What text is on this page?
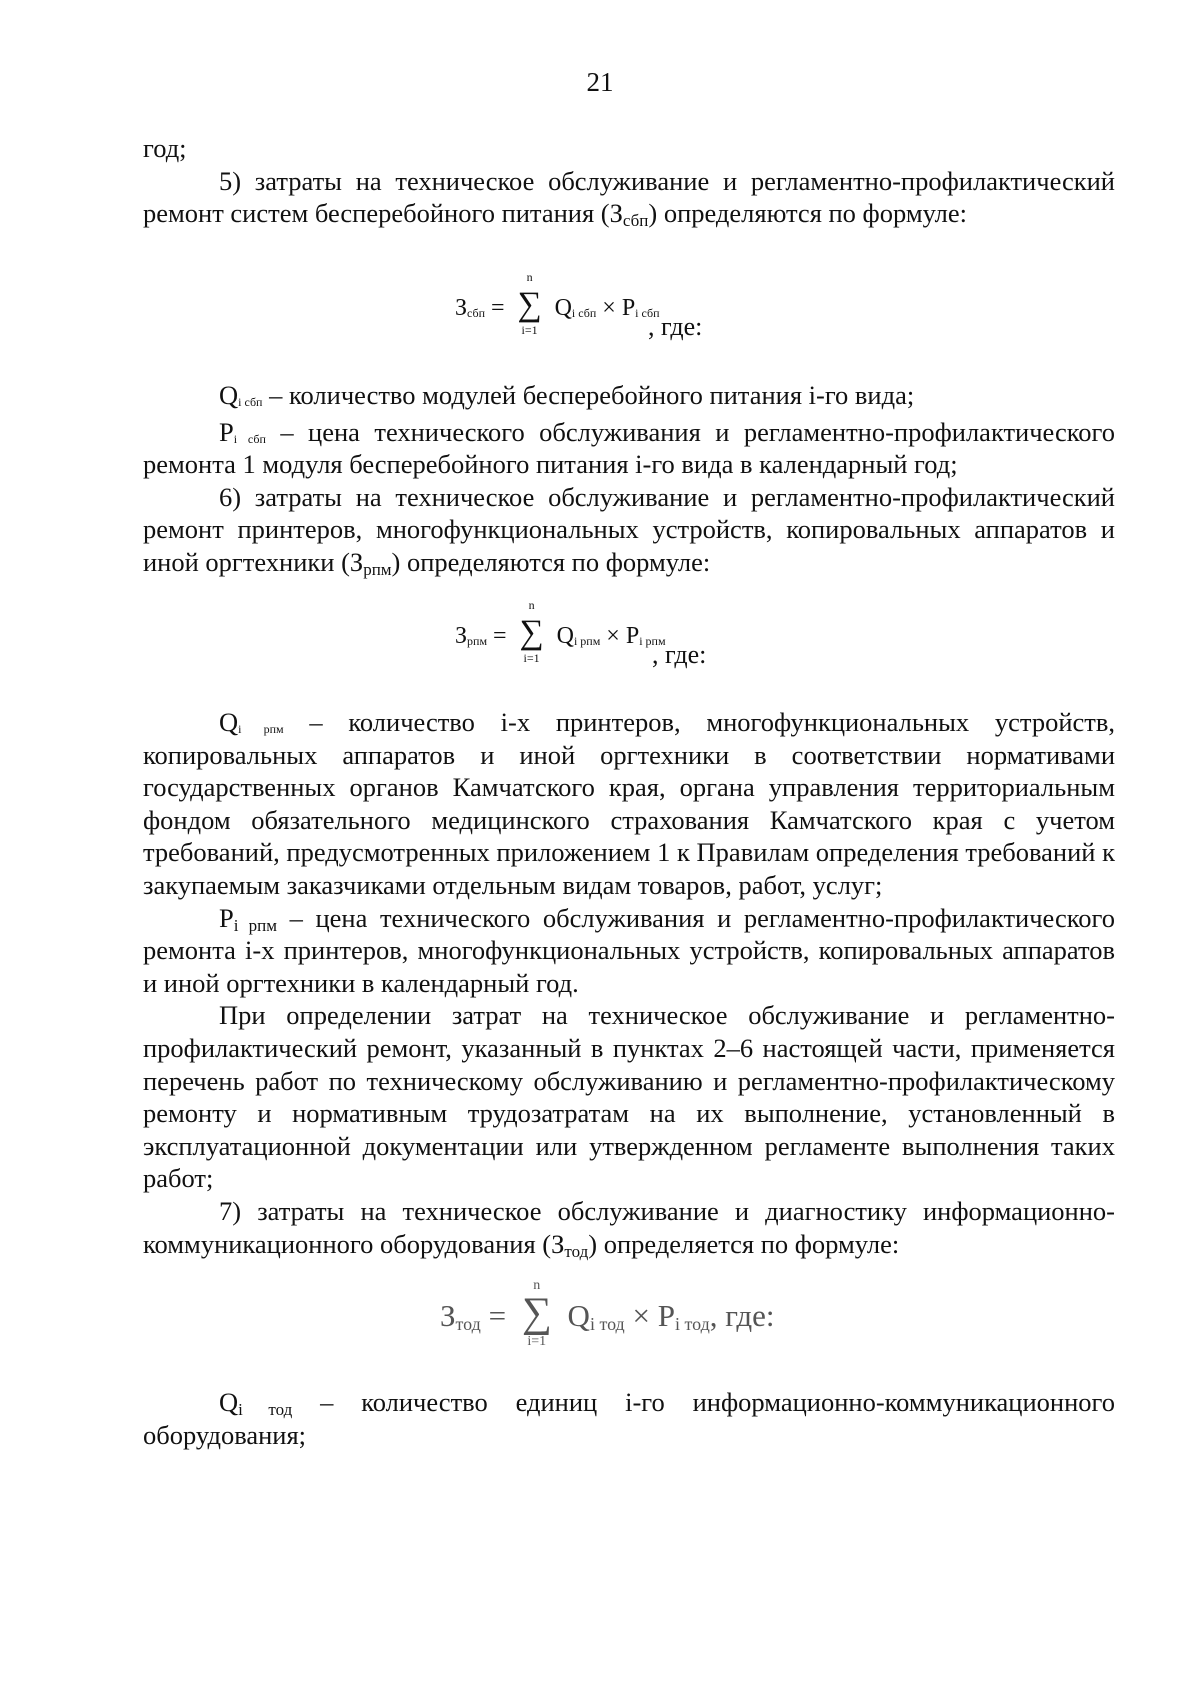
21

год;

5) затраты на техническое обслуживание и регламентно-профилактический ремонт систем бесперебойного питания $(З_{сбп})$ определяются по формуле:

$З_{сбп}$ =
n
∑
i=1
$Q_{i сбп} \times P_{i сбп}$
, где:

$Q_{i сбп}$ – количество модулей бесперебойного питания i-го вида;

$P_{i сбп}$ – цена технического обслуживания и регламентно-профилактического ремонта 1 модуля бесперебойного питания i-го вида в календарный год;

6) затраты на техническое обслуживание и регламентно-профилактический ремонт принтеров, многофункциональных устройств, копировальных аппаратов и иной оргтехники $(З_{рпм})$ определяются по формуле:

$З_{рпм}$ =
n
∑
i=1
$Q_{i рпм} \times P_{i рпм}$
, где:

$Q_{i рпм}$ – количество i-х принтеров, многофункциональных устройств, копировальных аппаратов и иной оргтехники в соответствии нормативами государственных органов Камчатского края, органа управления территориальным фондом обязательного медицинского страхования Камчатского края с учетом требований, предусмотренных приложением 1 к Правилам определения требований к закупаемым заказчиками отдельным видам товаров, работ, услуг;

$P_{i рпм}$ – цена технического обслуживания и регламентно-профилактического ремонта i-х принтеров, многофункциональных устройств, копировальных аппаратов и иной оргтехники в календарный год.

При определении затрат на техническое обслуживание и регламентно-профилактический ремонт, указанный в пунктах 2–6 настоящей части, применяется перечень работ по техническому обслуживанию и регламентно-профилактическому ремонту и нормативным трудозатратам на их выполнение, установленный в эксплуатационной документации или утвержденном регламенте выполнения таких работ;

7) затраты на техническое обслуживание и диагностику информационно-коммуникационного оборудования $(З_{тод})$ определяется по формуле:

$З_{тод}$ =
n
∑
i=1
$Q_{i тод} \times P_{i тод}$, где:

$Q_{i тод}$ – количество единиц i-го информационно-коммуникационного оборудования;
